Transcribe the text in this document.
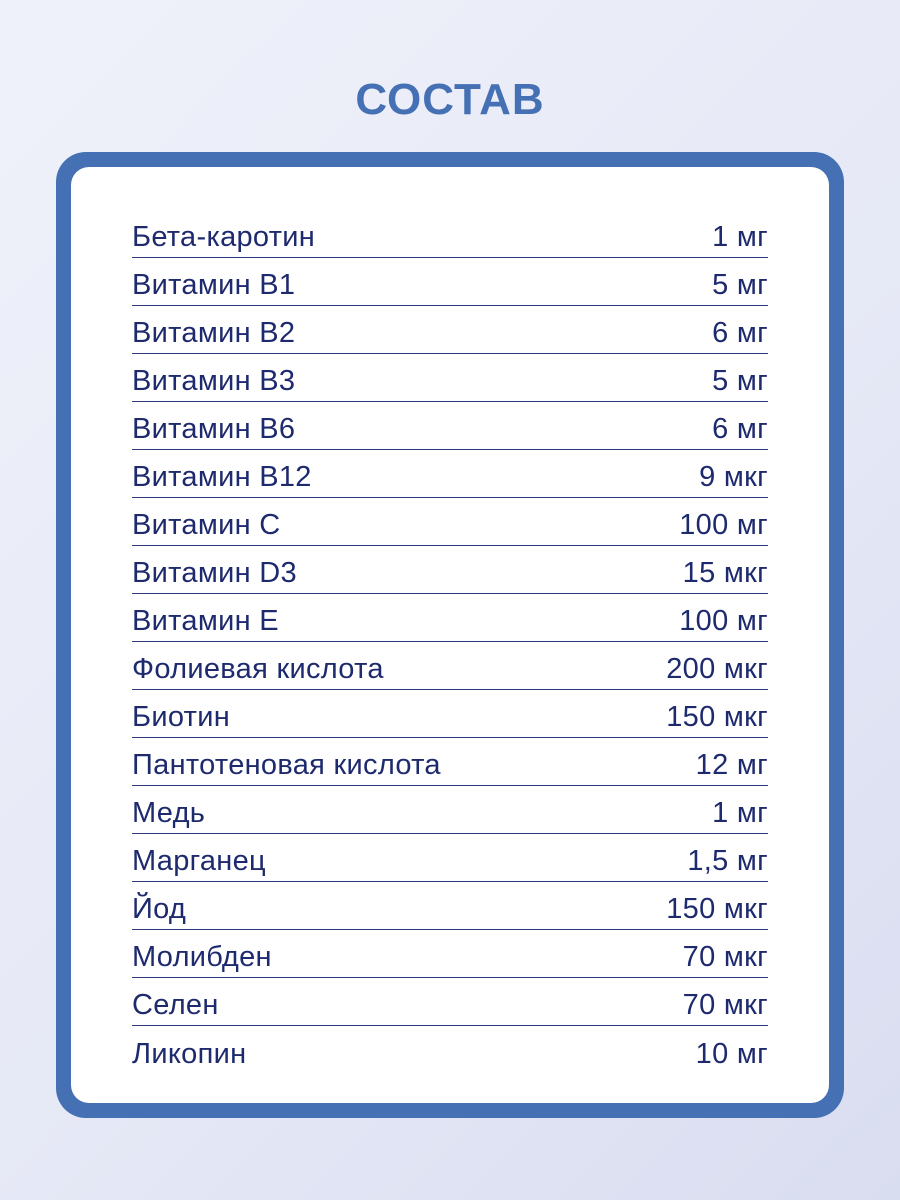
СОСТАВ
Бета-каротин	1 мг
Витамин В1	5 мг
Витамин В2	6 мг
Витамин В3	5 мг
Витамин В6	6 мг
Витамин В12	9 мкг
Витамин С	100 мг
Витамин D3	15 мкг
Витамин Е	100 мг
Фолиевая кислота	200 мкг
Биотин	150 мкг
Пантотеновая кислота	12 мг
Медь	1 мг
Марганец	1,5 мг
Йод	150 мкг
Молибден	70 мкг
Селен	70 мкг
Ликопин	10 мг
